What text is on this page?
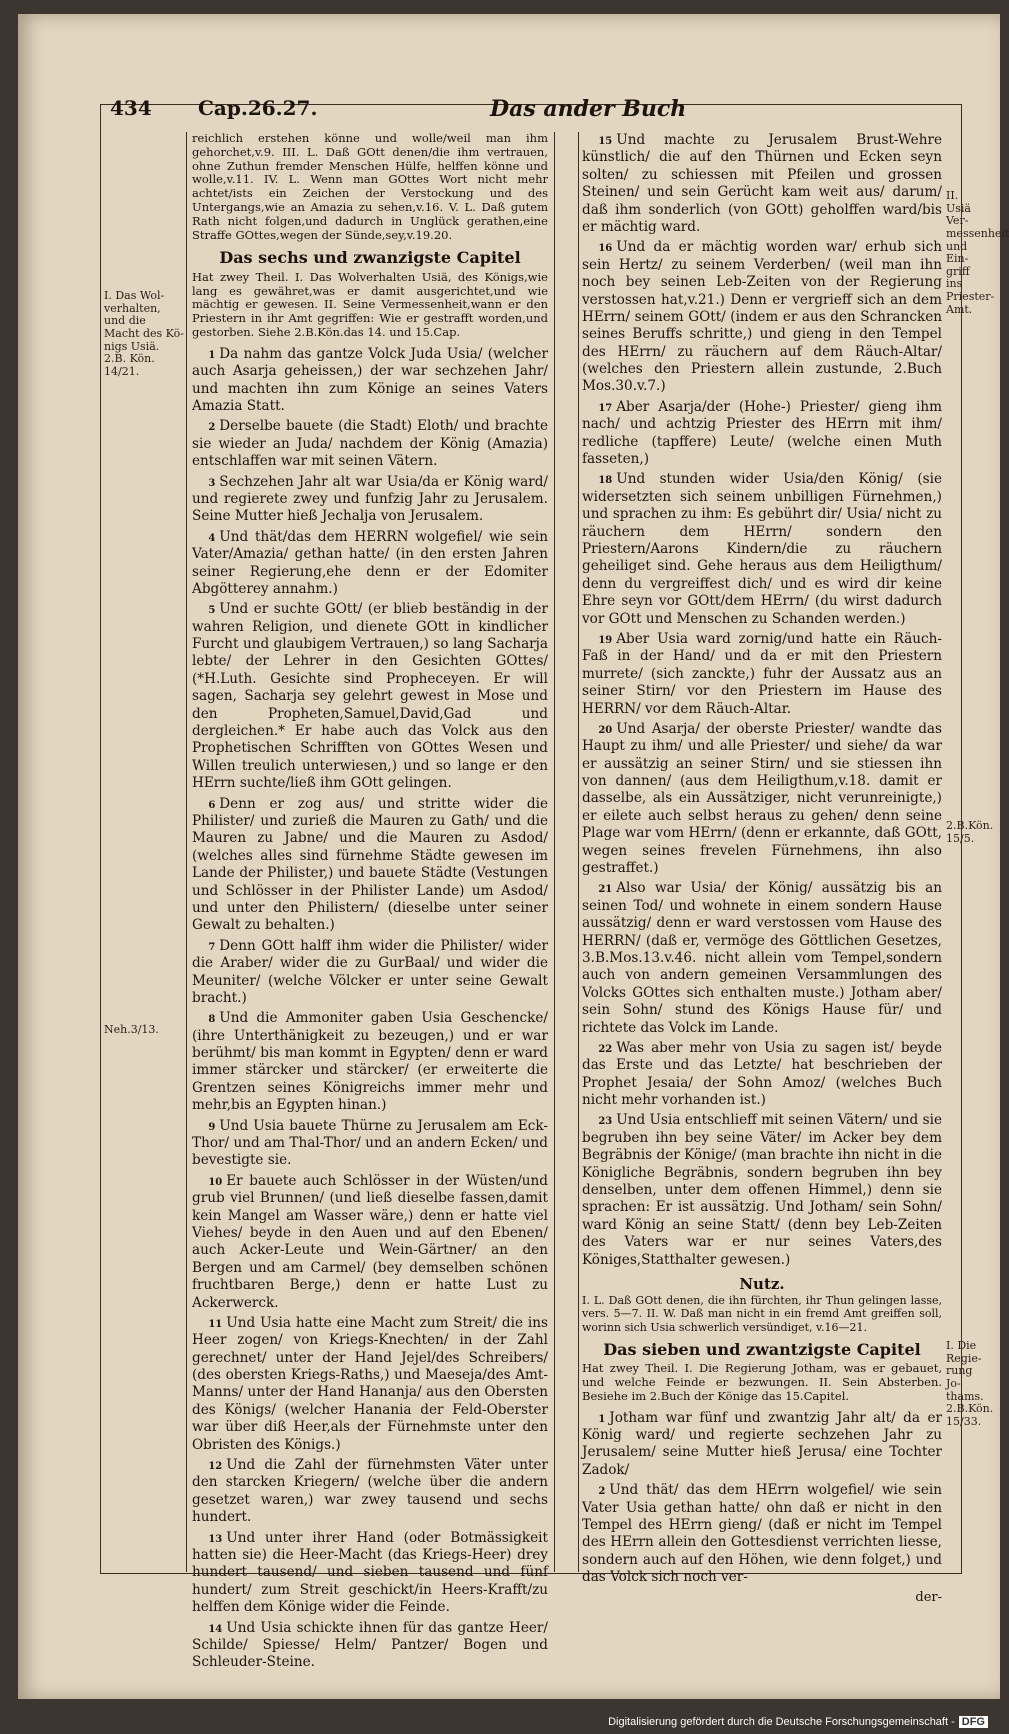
434 Cap.26.27.	Das ander Buch
I. Das Wol-verhalten, und die Macht des Kö-nigs Usiä. 2.B. Kön. 14/21.
Neh.3/13.
II. Usiä Ver-messenheit und Ein-griff ins Priester-Amt.
2.B.Kön. 15/5.
I. Die Regie-rung Jo-thams. 2.B.Kön. 15/33.
reichlich erstehen könne und wolle/weil man ihm gehorchet,v.9. III. L. Daß GOtt denen/die ihm vertrauen, ohne Zuthun fremder Menschen Hülfe, helffen könne und wolle,v.11. IV. L. Wenn man GOttes Wort nicht mehr achtet/ists ein Zeichen der Verstockung und des Untergangs,wie an Amazia zu sehen,v.16. V. L. Daß gutem Rath nicht folgen,und dadurch in Unglück gerathen,eine Straffe GOttes,wegen der Sünde,sey,v.19.20.
Das sechs und zwanzigste Capitel
Hat zwey Theil. I. Das Wolverhalten Usiä, des Königs,wie lang es gewähret,was er damit ausgerichtet,und wie mächtig er gewesen. II. Seine Vermessenheit,wann er den Priestern in ihr Amt gegriffen: Wie er gestrafft worden,und gestorben. Siehe 2.B.Kön.das 14. und 15.Cap.

1 Da nahm das gantze Volck Juda Usia/ (welcher auch Asarja geheissen,) der war sechzehen Jahr/ und machten ihn zum Könige an seines Vaters Amazia Statt.

2 Derselbe bauete (die Stadt) Eloth/ und brachte sie wieder an Juda/ nachdem der König (Amazia) entschlaffen war mit seinen Vätern.

3 Sechzehen Jahr alt war Usia/da er König ward/ und regierete zwey und funfzig Jahr zu Jerusalem. Seine Mutter hieß Jechalja von Jerusalem.

4 Und thät/das dem HERRN wolgefiel/ wie sein Vater/Amazia/ gethan hatte/ (in den ersten Jahren seiner Regierung,ehe denn er der Edomiter Abgötterey annahm.)

5 Und er suchte GOtt/ (er blieb beständig in der wahren Religion, und dienete GOtt in kindlicher Furcht und glaubigem Vertrauen,) so lang Sacharja lebte/ der Lehrer in den Gesichten GOttes/ (*H.Luth. Gesichte sind Propheceyen. Er will sagen, Sacharja sey gelehrt gewest in Mose und den Propheten,Samuel,David,Gad und dergleichen.* Er habe auch das Volck aus den Prophetischen Schrifften von GOttes Wesen und Willen treulich unterwiesen,) und so lange er den HErrn suchte/ließ ihm GOtt gelingen.

6 Denn er zog aus/ und stritte wider die Philister/ und zurieß die Mauren zu Gath/ und die Mauren zu Jabne/ und die Mauren zu Asdod/ (welches alles sind fürnehme Städte gewesen im Lande der Philister,) und bauete Städte (Vestungen und Schlösser in der Philister Lande) um Asdod/ und unter den Philistern/ (dieselbe unter seiner Gewalt zu behalten.)

7 Denn GOtt halff ihm wider die Philister/ wider die Araber/ wider die zu GurBaal/ und wider die Meuniter/ (welche Völcker er unter seine Gewalt bracht.)

8 Und die Ammoniter gaben Usia Geschencke/ (ihre Unterthänigkeit zu bezeugen,) und er war berühmt/ bis man kommt in Egypten/ denn er ward immer stärcker und stärcker/ (er erweiterte die Grentzen seines Königreichs immer mehr und mehr,bis an Egypten hinan.)

9 Und Usia bauete Thürne zu Jerusalem am Eck-Thor/ und am Thal-Thor/ und an andern Ecken/ und bevestigte sie.

10 Er bauete auch Schlösser in der Wüsten/und grub viel Brunnen/ (und ließ dieselbe fassen,damit kein Mangel am Wasser wäre,) denn er hatte viel Viehes/ beyde in den Auen und auf den Ebenen/ auch Acker-Leute und Wein-Gärtner/ an den Bergen und am Carmel/ (bey demselben schönen fruchtbaren Berge,) denn er hatte Lust zu Ackerwerck.

11 Und Usia hatte eine Macht zum Streit/ die ins Heer zogen/ von Kriegs-Knechten/ in der Zahl gerechnet/ unter der Hand Jejel/des Schreibers/ (des obersten Kriegs-Raths,) und Maeseja/des Amt-Manns/ unter der Hand Hananja/ aus den Obersten des Königs/ (welcher Hanania der Feld-Oberster war über diß Heer,als der Fürnehmste unter den Obristen des Königs.)

12 Und die Zahl der fürnehmsten Väter unter den starcken Kriegern/ (welche über die andern gesetzet waren,) war zwey tausend und sechs hundert.

13 Und unter ihrer Hand (oder Botmässigkeit hatten sie) die Heer-Macht (das Kriegs-Heer) drey hundert tausend/ und sieben tausend und fünf hundert/ zum Streit geschickt/in Heers-Krafft/zu helffen dem Könige wider die Feinde.

14 Und Usia schickte ihnen für das gantze Heer/ Schilde/ Spiesse/ Helm/ Pantzer/ Bogen und Schleuder-Steine.

15 Und machte zu Jerusalem Brust-Wehre künstlich/ die auf den Thürnen und Ecken seyn solten/ zu schiessen mit Pfeilen und grossen Steinen/ und sein Gerücht kam weit aus/ darum/ daß ihm sonderlich (von GOtt) geholffen ward/bis er mächtig ward.

16 Und da er mächtig worden war/ erhub sich sein Hertz/ zu seinem Verderben/ (weil man ihn noch bey seinen Leb-Zeiten von der Regierung verstossen hat,v.21.) Denn er vergrieff sich an dem HErrn/ seinem GOtt/ (indem er aus den Schrancken seines Beruffs schritte,) und gieng in den Tempel des HErrn/ zu räuchern auf dem Räuch-Altar/ (welches den Priestern allein zustunde, 2.Buch Mos.30.v.7.)

17 Aber Asarja/der (Hohe-) Priester/ gieng ihm nach/ und achtzig Priester des HErrn mit ihm/ redliche (tapffere) Leute/ (welche einen Muth fasseten,)

18 Und stunden wider Usia/den König/ (sie widersetzten sich seinem unbilligen Fürnehmen,) und sprachen zu ihm: Es gebührt dir/ Usia/ nicht zu räuchern dem HErrn/ sondern den Priestern/Aarons Kindern/die zu räuchern geheiliget sind. Gehe heraus aus dem Heiligthum/ denn du vergreiffest dich/ und es wird dir keine Ehre seyn vor GOtt/dem HErrn/ (du wirst dadurch vor GOtt und Menschen zu Schanden werden.)

19 Aber Usia ward zornig/und hatte ein Räuch-Faß in der Hand/ und da er mit den Priestern murrete/ (sich zanckte,) fuhr der Aussatz aus an seiner Stirn/ vor den Priestern im Hause des HERRN/ vor dem Räuch-Altar.

20 Und Asarja/ der oberste Priester/ wandte das Haupt zu ihm/ und alle Priester/ und siehe/ da war er aussätzig an seiner Stirn/ und sie stiessen ihn von dannen/ (aus dem Heiligthum,v.18. damit er dasselbe, als ein Aussätziger, nicht verunreinigte,) er eilete auch selbst heraus zu gehen/ denn seine Plage war vom HErrn/ (denn er erkannte, daß GOtt, wegen seines frevelen Fürnehmens, ihn also gestraffet.)

21 Also war Usia/ der König/ aussätzig bis an seinen Tod/ und wohnete in einem sondern Hause aussätzig/ denn er ward verstossen vom Hause des HERRN/ (daß er, vermöge des Göttlichen Gesetzes, 3.B.Mos.13.v.46. nicht allein vom Tempel,sondern auch von andern gemeinen Versammlungen des Volcks GOttes sich enthalten muste.) Jotham aber/ sein Sohn/ stund des Königs Hause für/ und richtete das Volck im Lande.

22 Was aber mehr von Usia zu sagen ist/ beyde das Erste und das Letzte/ hat beschrieben der Prophet Jesaia/ der Sohn Amoz/ (welches Buch nicht mehr vorhanden ist.)

23 Und Usia entschlieff mit seinen Vätern/ und sie begruben ihn bey seine Väter/ im Acker bey dem Begräbnis der Könige/ (man brachte ihn nicht in die Königliche Begräbnis, sondern begruben ihn bey denselben, unter dem offenen Himmel,) denn sie sprachen: Er ist aussätzig. Und Jotham/ sein Sohn/ ward König an seine Statt/ (denn bey Leb-Zeiten des Vaters war er nur seines Vaters,des Königes,Statthalter gewesen.)

Nutz.
I. L. Daß GOtt denen, die ihn fürchten, ihr Thun gelingen lasse, vers. 5—7. II. W. Daß man nicht in ein fremd Amt greiffen soll, worinn sich Usia schwerlich versündiget, v.16—21.
Das sieben und zwantzigste Capitel
Hat zwey Theil. I. Die Regierung Jotham, was er gebauet, und welche Feinde er bezwungen. II. Sein Absterben. Besiehe im 2.Buch der Könige das 15.Capitel.

1 Jotham war fünf und zwantzig Jahr alt/ da er König ward/ und regierte sechzehen Jahr zu Jerusalem/ seine Mutter hieß Jerusa/ eine Tochter Zadok/

2 Und thät/ das dem HErrn wolgefiel/ wie sein Vater Usia gethan hatte/ ohn daß er nicht in den Tempel des HErrn gieng/ (daß er nicht im Tempel des HErrn allein den Gottesdienst verrichten liesse, sondern auch auf den Höhen, wie denn folget,) und das Volck sich noch ver-

der-
Digitalisierung gefördert durch die Deutsche Forschungsgemeinschaft - DFG
